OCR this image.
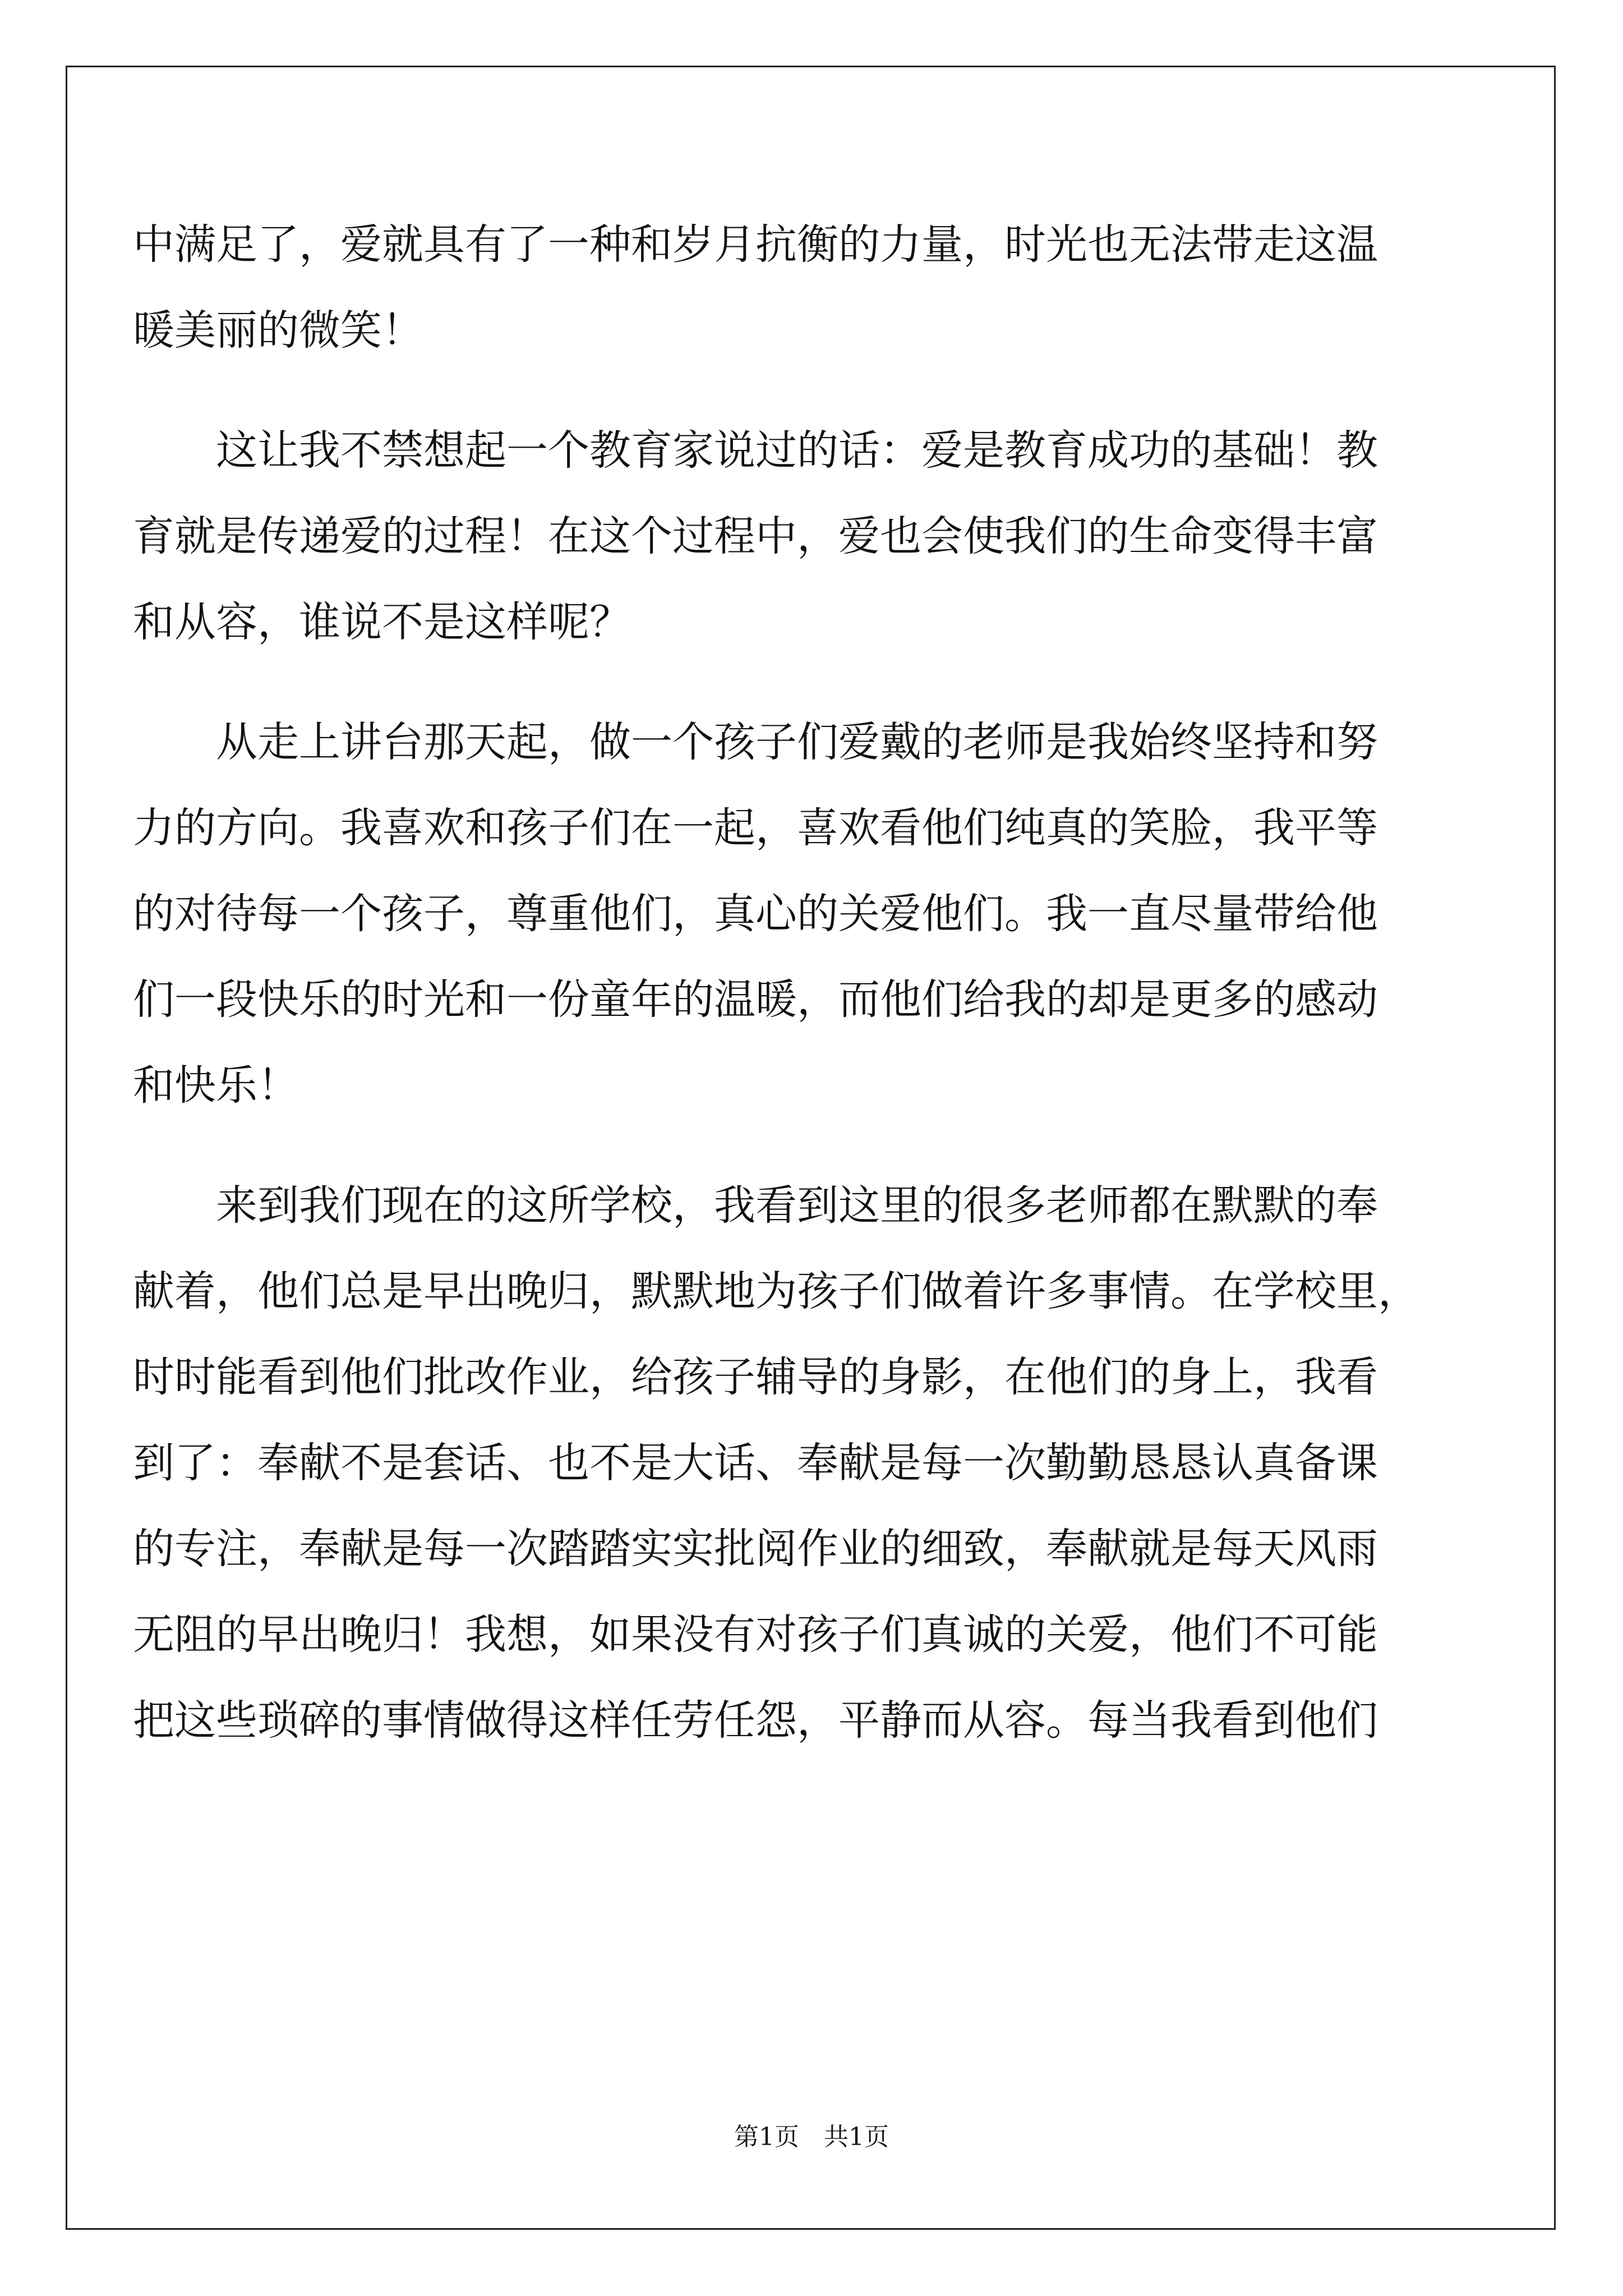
中满足了，爱就具有了一种和岁月抗衡的力量，时光也无法带走这温
暖美丽的微笑！

　　这让我不禁想起一个教育家说过的话：爱是教育成功的基础！教
育就是传递爱的过程！在这个过程中，爱也会使我们的生命变得丰富
和从容，谁说不是这样呢？

　　从走上讲台那天起，做一个孩子们爱戴的老师是我始终坚持和努
力的方向。我喜欢和孩子们在一起，喜欢看他们纯真的笑脸，我平等
的对待每一个孩子，尊重他们，真心的关爱他们。我一直尽量带给他
们一段快乐的时光和一份童年的温暖，而他们给我的却是更多的感动
和快乐！

　　来到我们现在的这所学校，我看到这里的很多老师都在默默的奉
献着，他们总是早出晚归，默默地为孩子们做着许多事情。在学校里，
时时能看到他们批改作业，给孩子辅导的身影，在他们的身上，我看
到了：奉献不是套话、也不是大话、奉献是每一次勤勤恳恳认真备课
的专注，奉献是每一次踏踏实实批阅作业的细致，奉献就是每天风雨
无阻的早出晚归！我想，如果没有对孩子们真诚的关爱，他们不可能
把这些琐碎的事情做得这样任劳任怨，平静而从容。每当我看到他们

第1页　共1页
